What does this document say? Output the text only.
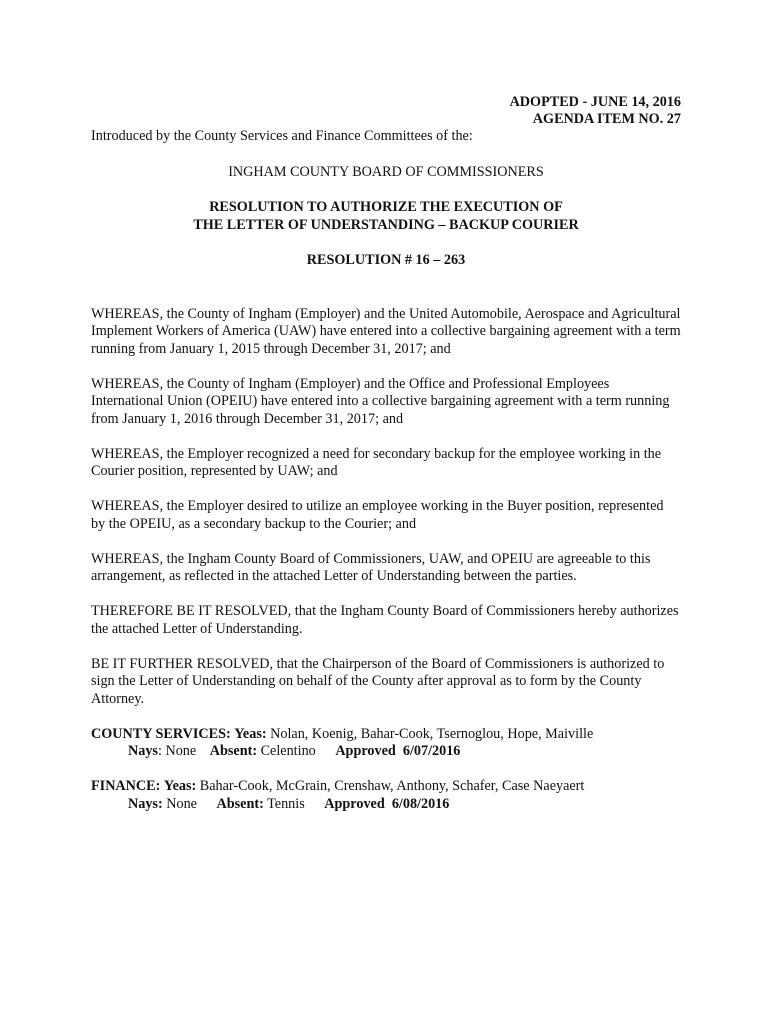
ADOPTED - JUNE 14, 2016
AGENDA ITEM NO. 27
Introduced by the County Services and Finance Committees of the:
INGHAM COUNTY BOARD OF COMMISSIONERS
RESOLUTION TO AUTHORIZE THE EXECUTION OF
THE LETTER OF UNDERSTANDING – BACKUP COURIER
RESOLUTION # 16 – 263

WHEREAS, the County of Ingham (Employer) and the United Automobile, Aerospace and Agricultural Implement Workers of America (UAW) have entered into a collective bargaining agreement with a term running from January 1, 2015 through December 31, 2017; and

WHEREAS, the County of Ingham (Employer) and the Office and Professional Employees International Union (OPEIU) have entered into a collective bargaining agreement with a term running from January 1, 2016 through December 31, 2017; and

WHEREAS, the Employer recognized a need for secondary backup for the employee working in the Courier position, represented by UAW; and

WHEREAS, the Employer desired to utilize an employee working in the Buyer position, represented by the OPEIU, as a secondary backup to the Courier; and

WHEREAS, the Ingham County Board of Commissioners, UAW, and OPEIU are agreeable to this arrangement, as reflected in the attached Letter of Understanding between the parties.

THEREFORE BE IT RESOLVED, that the Ingham County Board of Commissioners hereby authorizes the attached Letter of Understanding.

BE IT FURTHER RESOLVED, that the Chairperson of the Board of Commissioners is authorized to sign the Letter of Understanding on behalf of the County after approval as to form by the County Attorney.

COUNTY SERVICES: Yeas: Nolan, Koenig, Bahar-Cook, Tsernoglou, Hope, Maiville
Nays: None Absent: Celentino Approved  6/07/2016
FINANCE: Yeas: Bahar-Cook, McGrain, Crenshaw, Anthony, Schafer, Case Naeyaert
Nays: None Absent: Tennis Approved  6/08/2016
